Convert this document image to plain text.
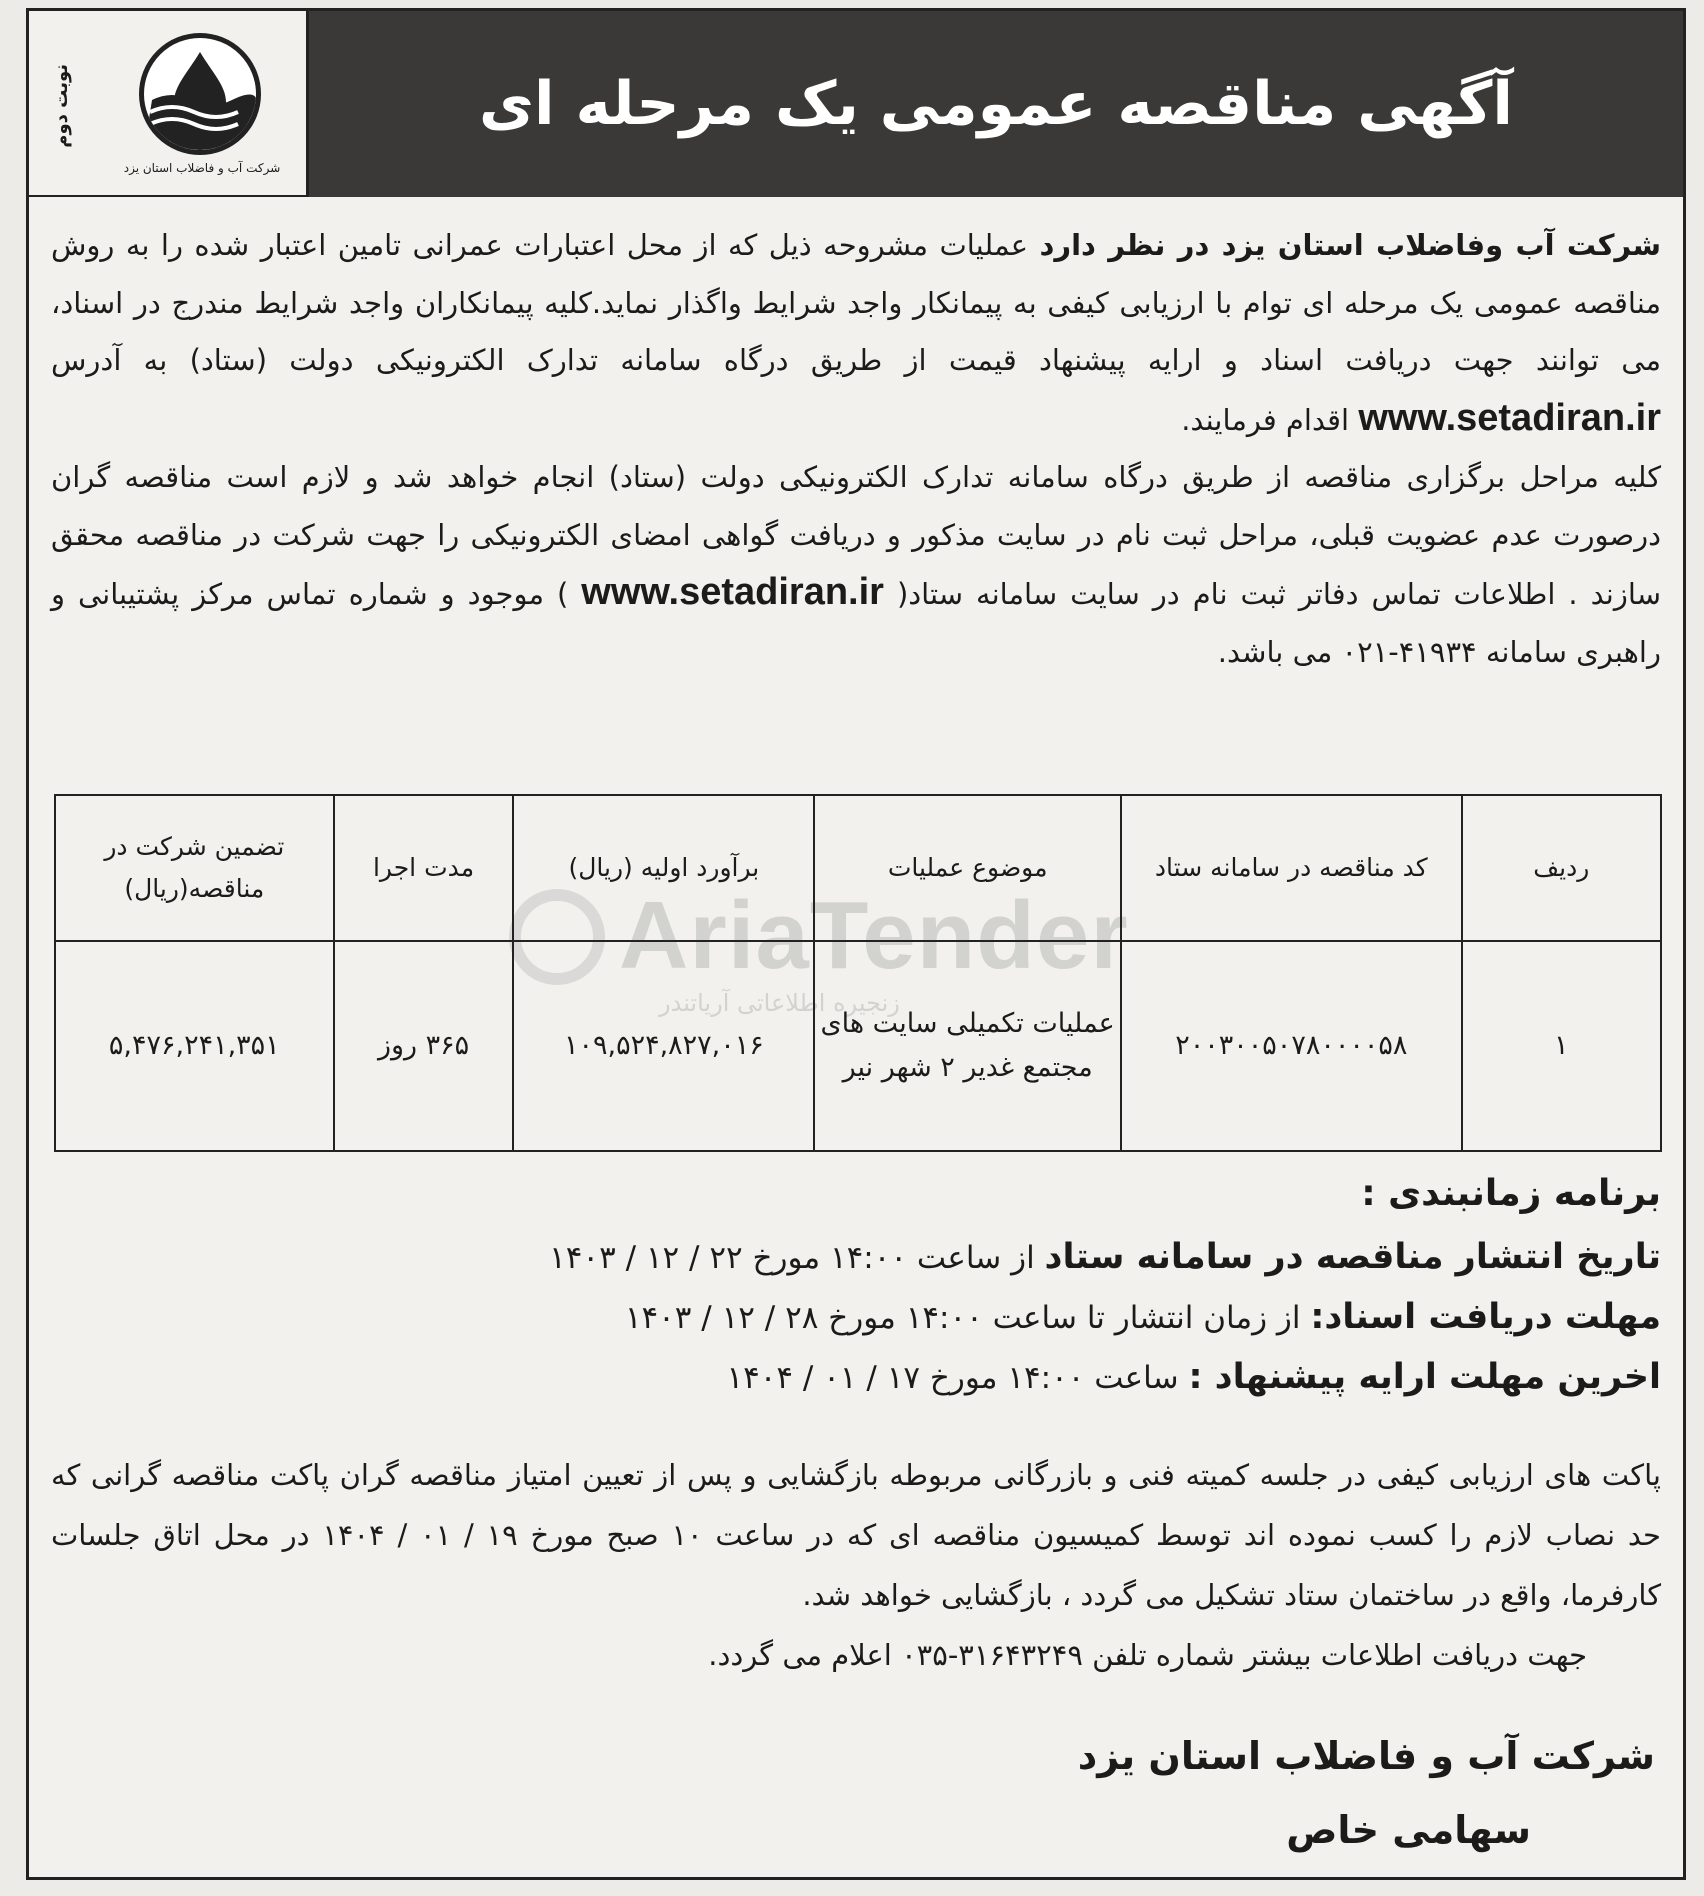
نوبت دوم
شرکت آب و فاضلاب استان یزد
آگهی مناقصه عمومی یک مرحله ای

شرکت آب وفاضلاب استان یزد در نظر دارد عملیات مشروحه ذیل که از محل اعتبارات عمرانی تامین اعتبار شده را به روش مناقصه عمومی یک مرحله ای توام با ارزیابی کیفی به پیمانکار واجد شرایط واگذار نماید.کلیه پیمانکاران واجد شرایط مندرج در اسناد، می توانند جهت دریافت اسناد و ارایه پیشنهاد قیمت از طریق درگاه سامانه تدارک الکترونیکی دولت (ستاد) به آدرس www.setadiran.ir اقدام فرمایند.

کلیه مراحل برگزاری مناقصه از طریق درگاه سامانه تدارک الکترونیکی دولت (ستاد) انجام خواهد شد و لازم است مناقصه گران درصورت عدم عضویت قبلی، مراحل ثبت نام در سایت مذکور و دریافت گواهی امضای الکترونیکی را جهت شرکت در مناقصه محقق سازند . اطلاعات تماس دفاتر ثبت نام در سایت سامانه ستاد( www.setadiran.ir ) موجود و شماره تماس مرکز پشتیبانی و راهبری سامانه ۴۱۹۳۴-۰۲۱ می باشد.

AriaTender
زنجیره اطلاعاتی آریاتندر
ردیف	کد مناقصه در سامانه ستاد	موضوع عملیات	برآورد اولیه (ریال)	مدت اجرا	تضمین شرکت در مناقصه(ریال)
۱	۲۰۰۳۰۰۵۰۷۸۰۰۰۰۵۸	عملیات تکمیلی سایت های مجتمع غدیر ۲ شهر نیر	۱۰۹,۵۲۴,۸۲۷,۰۱۶	۳۶۵ روز	۵,۴۷۶,۲۴۱,۳۵۱
برنامه زمانبندی :
تاریخ انتشار مناقصه در سامانه ستاد از ساعت ۱۴:۰۰ مورخ ۲۲ / ۱۲ / ۱۴۰۳
مهلت دریافت اسناد: از زمان انتشار تا ساعت ۱۴:۰۰ مورخ ۲۸ / ۱۲ / ۱۴۰۳
اخرین مهلت ارایه پیشنهاد : ساعت ۱۴:۰۰ مورخ ۱۷ / ۰۱ / ۱۴۰۴
پاکت های ارزیابی کیفی در جلسه کمیته فنی و بازرگانی مربوطه بازگشایی و پس از تعیین امتیاز مناقصه گران پاکت مناقصه گرانی که حد نصاب لازم را کسب نموده اند توسط کمیسیون مناقصه ای که در ساعت ۱۰ صبح مورخ ۱۹ / ۰۱ / ۱۴۰۴ در محل اتاق جلسات کارفرما، واقع در ساختمان ستاد تشکیل می گردد ، بازگشایی خواهد شد.
جهت دریافت اطلاعات بیشتر شماره تلفن ۳۱۶۴۳۲۴۹-۰۳۵ اعلام می گردد.
شرکت آب و فاضلاب استان یزد
سهامی خاص
